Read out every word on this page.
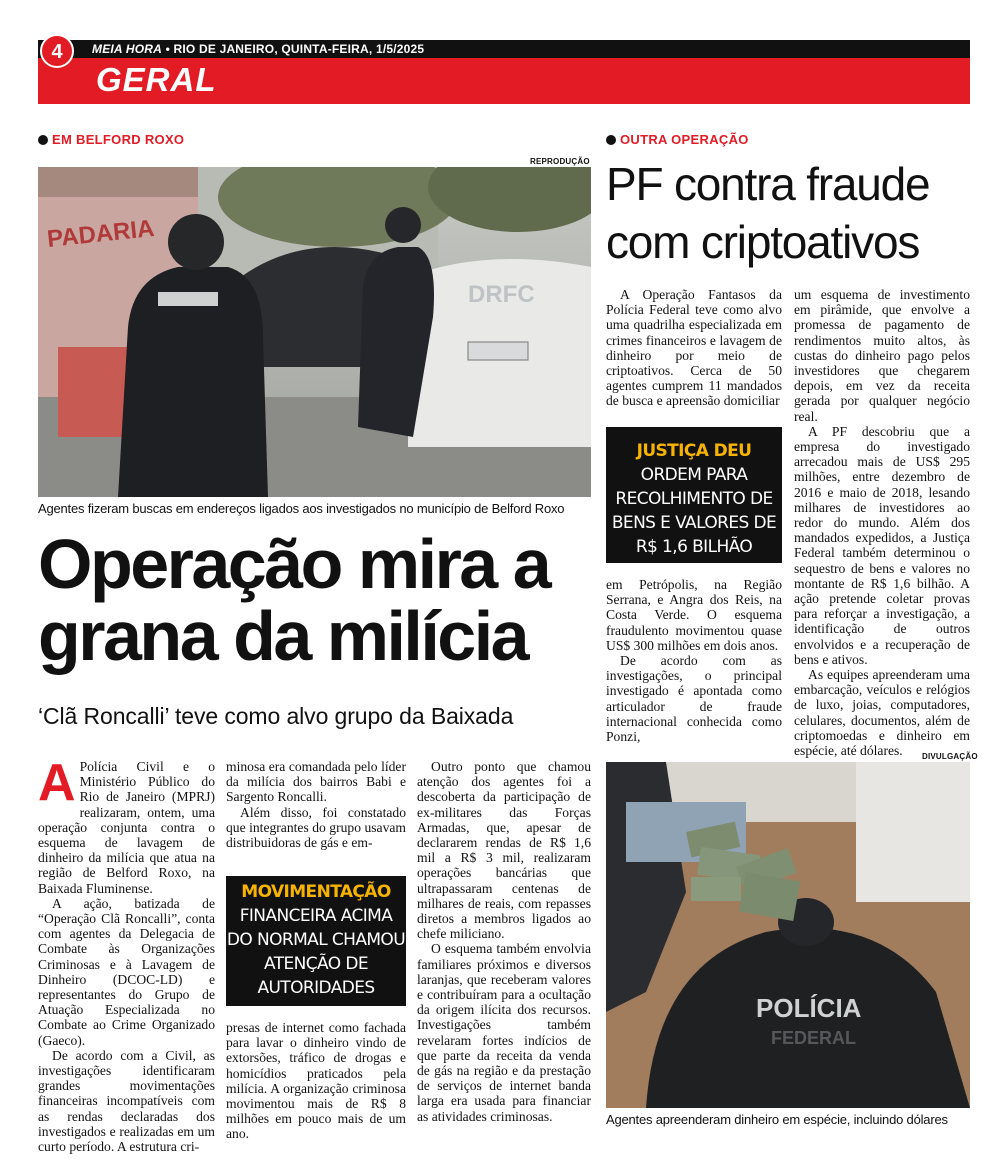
4	MEIA HORA • RIO DE JANEIRO, QUINTA-FEIRA, 1/5/2025
GERAL
EM BELFORD ROXO
REPRODUÇÃO
PADARIA
DRFC
Agentes fizeram buscas em endereços ligados aos investigados no município de Belford Roxo
Operação mira a grana da milícia
‘Clã Roncalli’ teve como alvo grupo da Baixada
A Polícia Civil e o Ministério Público do Rio de Janeiro (MPRJ) realizaram, ontem, uma operação conjunta contra o esquema de lavagem de dinheiro da milícia que atua na região de Belford Roxo, na Baixada Fluminense.

A ação, batizada de “Operação Clã Roncalli”, conta com agentes da Delegacia de Combate às Organizações Criminosas e à Lavagem de Dinheiro (DCOC-LD) e representantes do Grupo de Atuação Especializada no Combate ao Crime Organizado (Gaeco).

De acordo com a Civil, as investigações identificaram grandes movimentações financeiras incompatíveis com as rendas declaradas dos investigados e realizadas em um curto período. A estrutura cri-

minosa era comandada pelo líder da milícia dos bairros Babi e Sargento Roncalli.

Além disso, foi constatado que integrantes do grupo usavam distribuidoras de gás e em-

MOVIMENTAÇÃO
FINANCEIRA ACIMA DO NORMAL CHAMOU ATENÇÃO DE AUTORIDADES

presas de internet como fachada para lavar o dinheiro vindo de extorsões, tráfico de drogas e homicídios praticados pela milícia. A organização criminosa movimentou mais de R$ 8 milhões em pouco mais de um ano.

Outro ponto que chamou atenção dos agentes foi a descoberta da participação de ex-militares das Forças Armadas, que, apesar de declararem rendas de R$ 1,6 mil a R$ 3 mil, realizaram operações bancárias que ultrapassaram centenas de milhares de reais, com repasses diretos a membros ligados ao chefe miliciano.

O esquema também envolvia familiares próximos e diversos laranjas, que receberam valores e contribuíram para a ocultação da origem ilícita dos recursos. Investigações também revelaram fortes indícios de que parte da receita da venda de gás na região e da prestação de serviços de internet banda larga era usada para financiar as atividades criminosas.

OUTRA OPERAÇÃO
PF contra fraude com criptoativos

A Operação Fantasos da Polícia Federal teve como alvo uma quadrilha especializada em crimes financeiros e lavagem de dinheiro por meio de criptoativos. Cerca de 50 agentes cumprem 11 mandados de busca e apreensão domiciliar

JUSTIÇA DEU
ORDEM PARA RECOLHIMENTO DE BENS E VALORES DE R$ 1,6 BILHÃO

em Petrópolis, na Região Serrana, e Angra dos Reis, na Costa Verde. O esquema fraudulento movimentou quase US$ 300 milhões em dois anos.

De acordo com as investigações, o principal investigado é apontada como articulador de fraude internacional conhecida como Ponzi,

um esquema de investimento em pirâmide, que envolve a promessa de pagamento de rendimentos muito altos, às custas do dinheiro pago pelos investidores que chegarem depois, em vez da receita gerada por qualquer negócio real.

A PF descobriu que a empresa do investigado arrecadou mais de US$ 295 milhões, entre dezembro de 2016 e maio de 2018, lesando milhares de investidores ao redor do mundo. Além dos mandados expedidos, a Justiça Federal também determinou o sequestro de bens e valores no montante de R$ 1,6 bilhão. A ação pretende coletar provas para reforçar a investigação, a identificação de outros envolvidos e a recuperação de bens e ativos.

As equipes apreenderam uma embarcação, veículos e relógios de luxo, joias, computadores, celulares, documentos, além de criptomoedas e dinheiro em espécie, até dólares.	DIVULGAÇÃO
POLÍCIA
FEDERAL
Agentes apreenderam dinheiro em espécie, incluindo dólares
